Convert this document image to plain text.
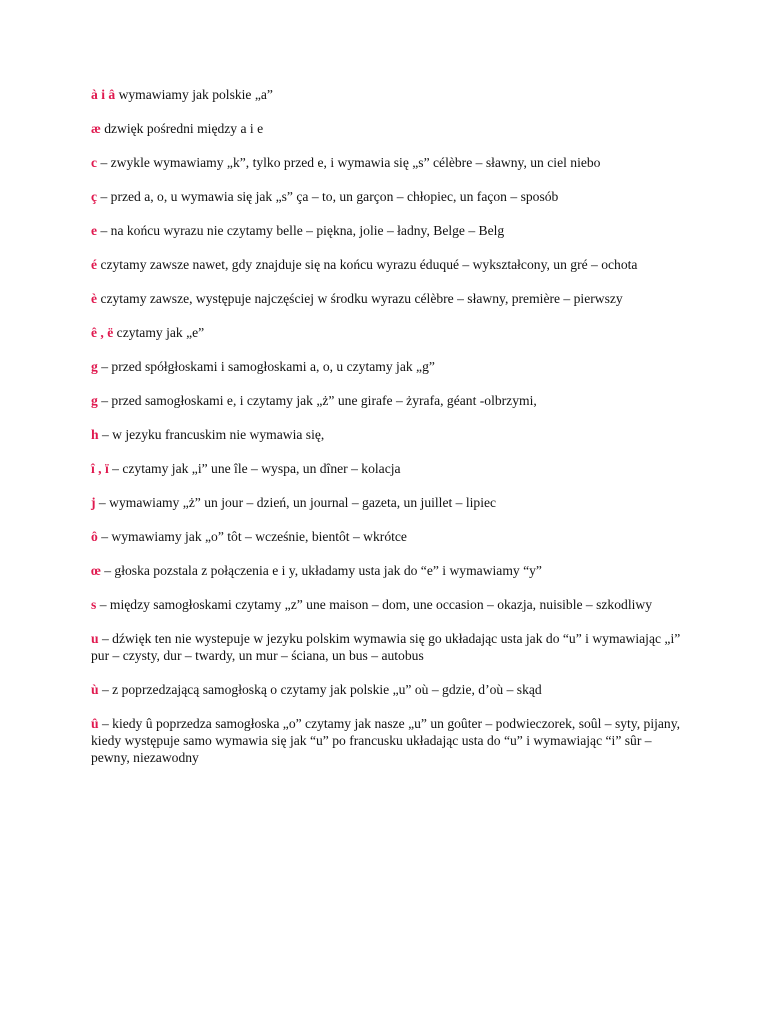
à i â wymawiamy jak polskie „a”

æ dzwięk pośredni między a i e

c – zwykle wymawiamy „k”, tylko przed e, i wymawia się „s” célèbre – sławny, un ciel niebo

ç – przed a, o, u wymawia się jak „s” ça – to, un garçon – chłopiec, un façon – sposób

e – na końcu wyrazu nie czytamy belle – piękna, jolie – ładny, Belge – Belg

é czytamy zawsze nawet, gdy znajduje się na końcu wyrazu éduqué – wykształcony, un gré – ochota

è czytamy zawsze, występuje najczęściej w środku wyrazu célèbre – sławny, première – pierwszy

ê , ë czytamy jak „e”

g – przed spółgłoskami i samogłoskami a, o, u czytamy jak „g”

g – przed samogłoskami e, i czytamy jak „ż” une girafe – żyrafa, géant -olbrzymi,

h – w jezyku francuskim nie wymawia się,

î , ï – czytamy jak „i” une île – wyspa, un dîner – kolacja

j – wymawiamy „ż” un jour – dzień, un journal – gazeta, un juillet – lipiec

ô – wymawiamy jak „o” tôt – wcześnie, bientôt – wkrótce

œ – głoska pozstala z połączenia e i y, układamy usta jak do “e” i wymawiamy “y”

s – między samogłoskami czytamy „z” une maison – dom, une occasion – okazja, nuisible – szkodliwy

u – dźwięk ten nie wystepuje w jezyku polskim wymawia się go układając usta jak do “u” i wymawiając „i” pur – czysty, dur – twardy, un mur – ściana, un bus – autobus

ù – z poprzedzającą samogłoską o czytamy jak polskie „u” où – gdzie, d’où – skąd

û – kiedy û poprzedza samogłoska „o” czytamy jak nasze „u” un goûter – podwieczorek, soûl – syty, pijany, kiedy występuje samo wymawia się jak “u” po francusku układając usta do “u” i wymawiając “i” sûr – pewny, niezawodny
